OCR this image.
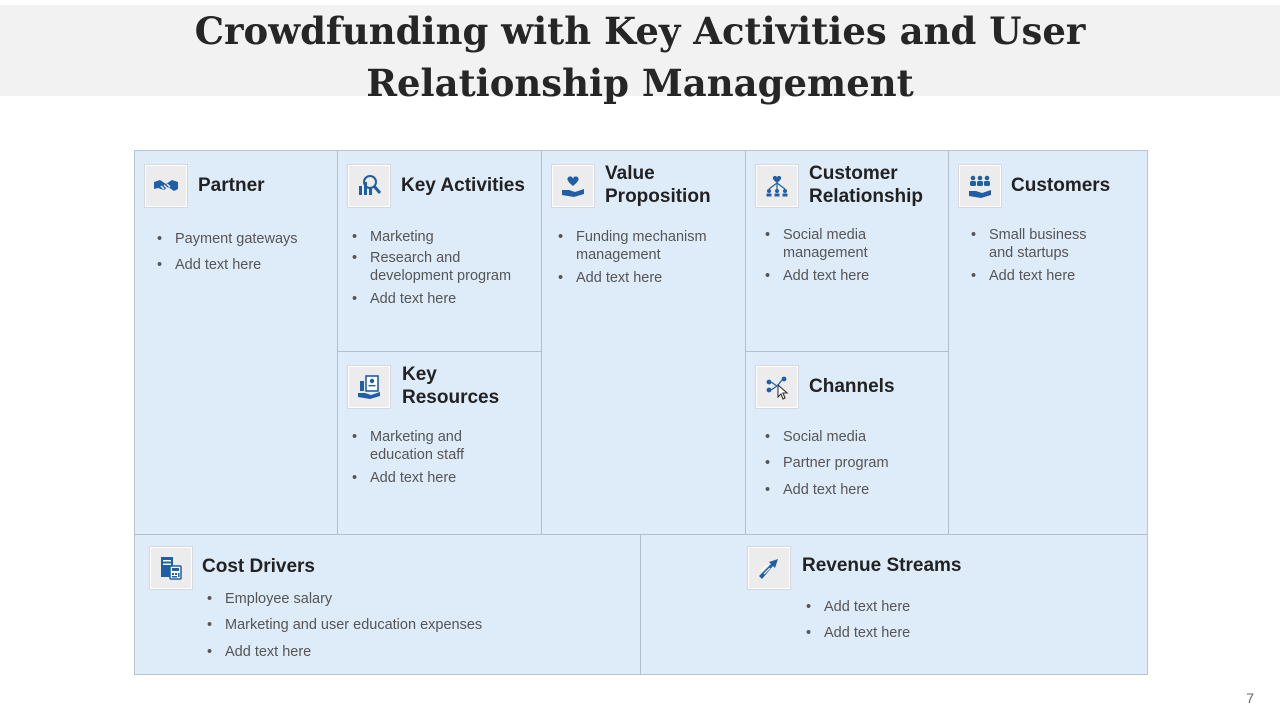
Crowdfunding with Key Activities and User
Relationship Management
Partner
• Payment gateways
• Add text here
Key Activities
• Marketing
• Research and development program
• Add text here
Key
Resources
• Marketing and education staff
• Add text here
Value
Proposition
• Funding mechanism management
• Add text here
Customer
Relationship
• Social media management
• Add text here
Channels
• Social media
• Partner program
• Add text here
Customers
• Small business and startups
• Add text here
Cost Drivers
• Employee salary
• Marketing and user education expenses
• Add text here
Revenue Streams
• Add text here
• Add text here
7
